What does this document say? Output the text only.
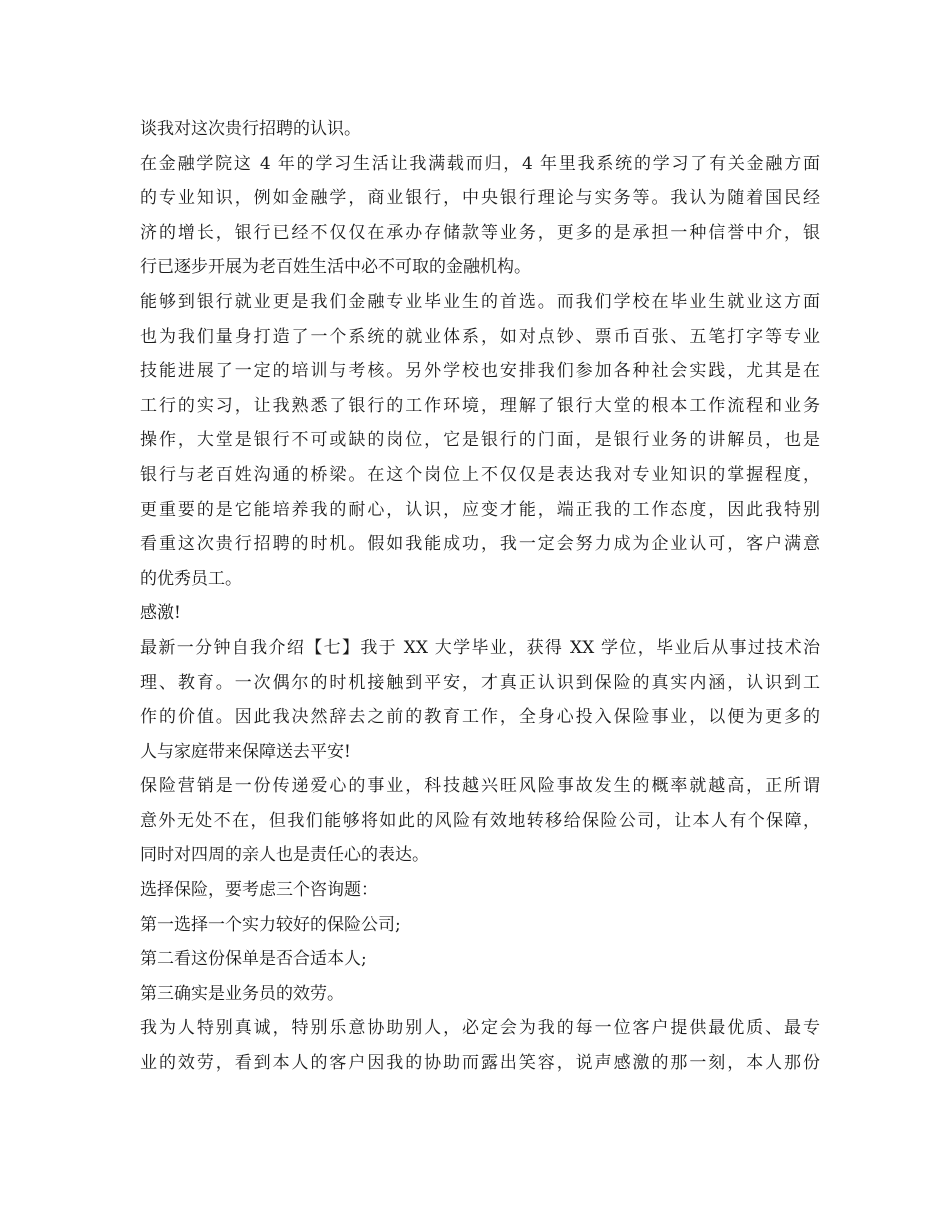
谈我对这次贵行招聘的认识。
在金融学院这 4 年的学习生活让我满载而归，4 年里我系统的学习了有关金融方面
的专业知识，例如金融学，商业银行，中央银行理论与实务等。我认为随着国民经
济的增长，银行已经不仅仅在承办存储款等业务，更多的是承担一种信誉中介，银
行已逐步开展为老百姓生活中必不可取的金融机构。
能够到银行就业更是我们金融专业毕业生的首选。而我们学校在毕业生就业这方面
也为我们量身打造了一个系统的就业体系，如对点钞、票币百张、五笔打字等专业
技能进展了一定的培训与考核。另外学校也安排我们参加各种社会实践，尤其是在
工行的实习，让我熟悉了银行的工作环境，理解了银行大堂的根本工作流程和业务
操作，大堂是银行不可或缺的岗位，它是银行的门面，是银行业务的讲解员，也是
银行与老百姓沟通的桥梁。在这个岗位上不仅仅是表达我对专业知识的掌握程度，
更重要的是它能培养我的耐心，认识，应变才能，端正我的工作态度，因此我特别
看重这次贵行招聘的时机。假如我能成功，我一定会努力成为企业认可，客户满意
的优秀员工。
感激!
最新一分钟自我介绍【七】我于 XX 大学毕业，获得 XX 学位，毕业后从事过技术治
理、教育。一次偶尔的时机接触到平安，才真正认识到保险的真实内涵，认识到工
作的价值。因此我决然辞去之前的教育工作，全身心投入保险事业，以便为更多的
人与家庭带来保障送去平安!
保险营销是一份传递爱心的事业，科技越兴旺风险事故发生的概率就越高，正所谓
意外无处不在，但我们能够将如此的风险有效地转移给保险公司，让本人有个保障，
同时对四周的亲人也是责任心的表达。
选择保险，要考虑三个咨询题：
第一选择一个实力较好的保险公司;
第二看这份保单是否合适本人;
第三确实是业务员的效劳。
我为人特别真诚，特别乐意协助别人，必定会为我的每一位客户提供最优质、最专
业的效劳，看到本人的客户因我的协助而露出笑容，说声感激的那一刻，本人那份
